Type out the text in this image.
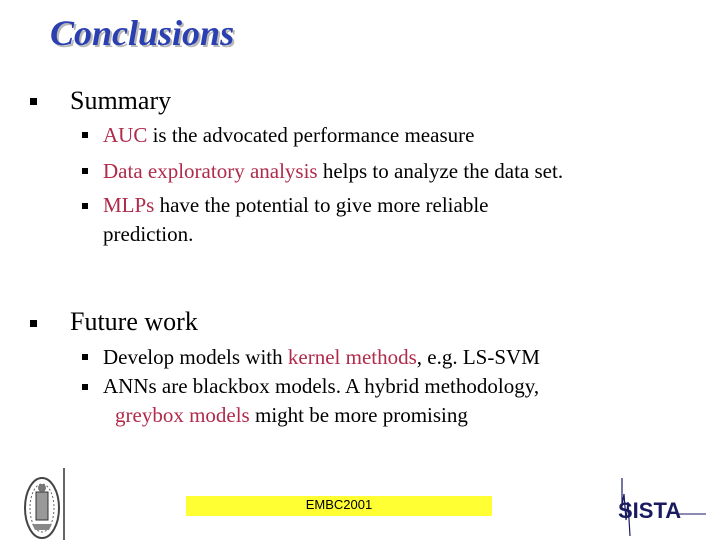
Conclusions
Summary
AUC is the advocated performance measure
Data exploratory analysis helps to analyze the data set.
MLPs have the potential to give more reliable
prediction.
Future work
Develop models with kernel methods, e.g. LS-SVM
ANNs are blackbox models. A hybrid methodology,
greybox models might be more promising
EMBC2001	SISTA
